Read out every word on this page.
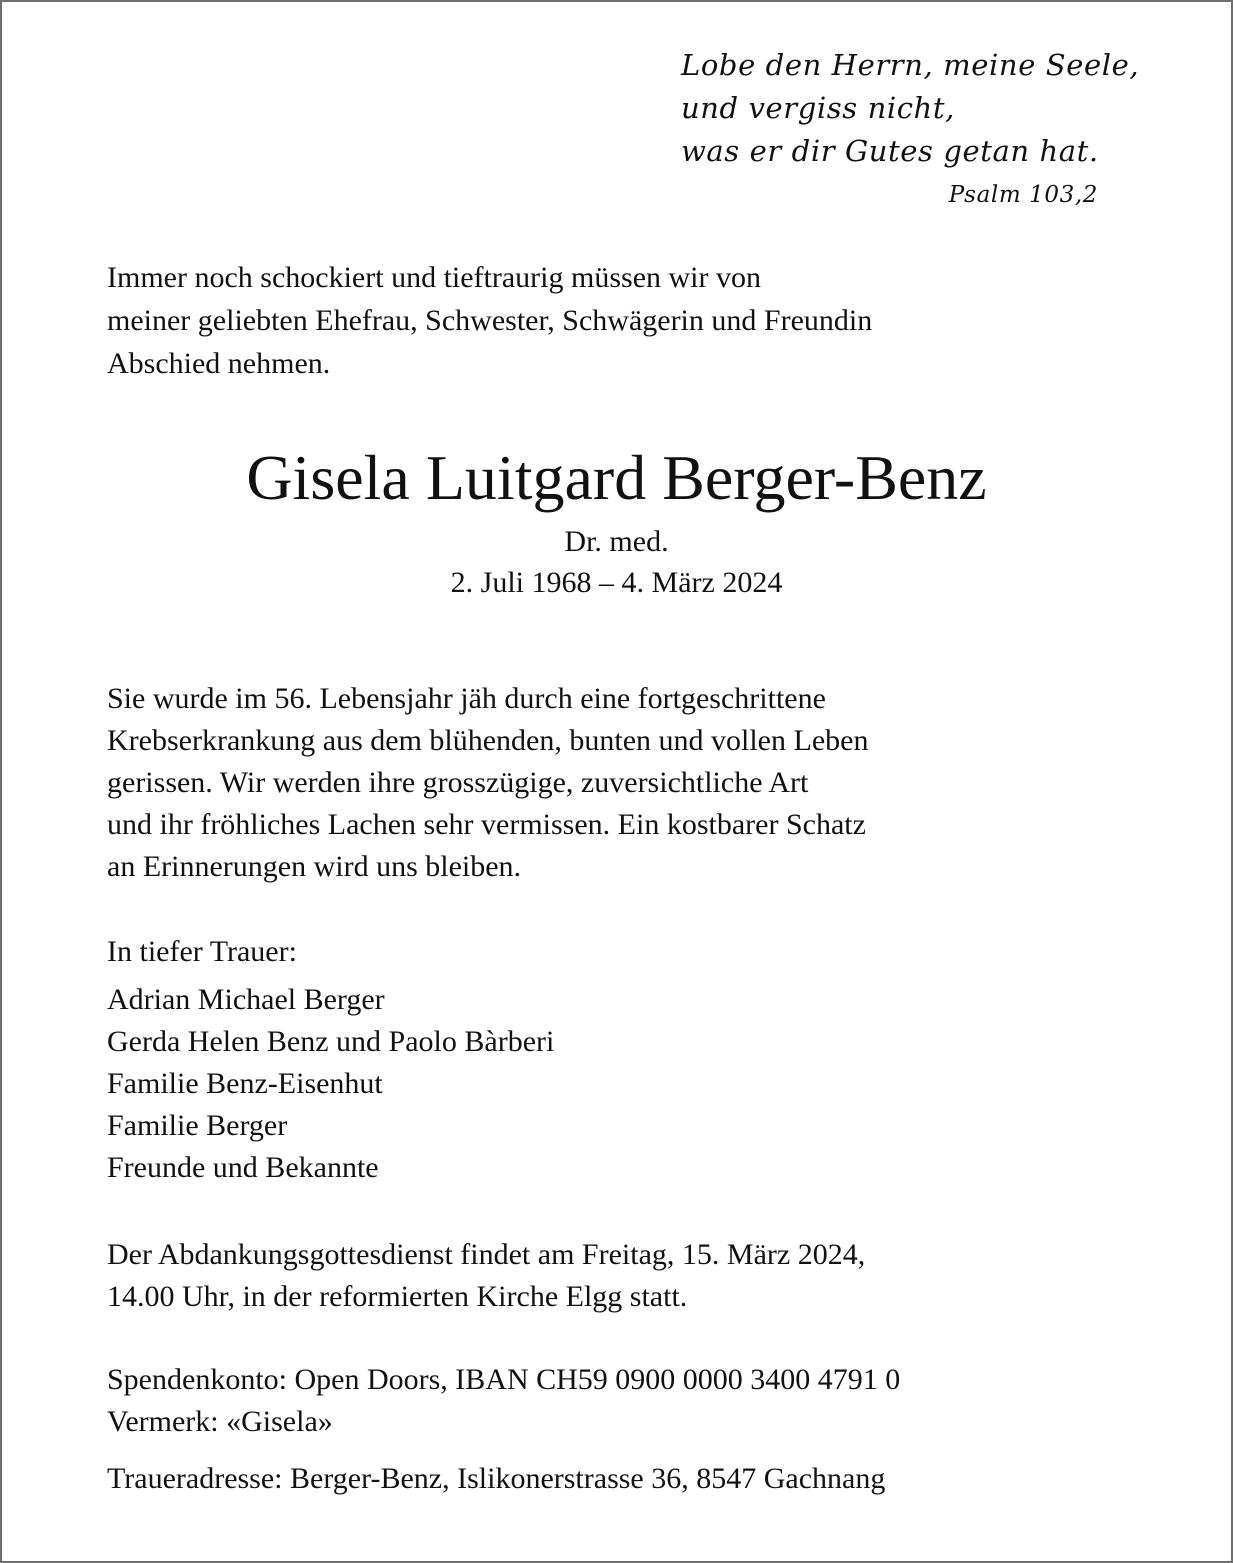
Lobe den Herrn, meine Seele,
und vergiss nicht,
was er dir Gutes getan hat.
Psalm 103,2
Immer noch schockiert und tieftraurig müssen wir von
meiner geliebten Ehefrau, Schwester, Schwägerin und Freundin
Abschied nehmen.
Gisela Luitgard Berger-Benz
Dr. med.
2. Juli 1968 – 4. März 2024
Sie wurde im 56. Lebensjahr jäh durch eine fortgeschrittene
Krebserkrankung aus dem blühenden, bunten und vollen Leben
gerissen. Wir werden ihre grosszügige, zuversichtliche Art
und ihr fröhliches Lachen sehr vermissen. Ein kostbarer Schatz
an Erinnerungen wird uns bleiben.
In tiefer Trauer:
Adrian Michael Berger
Gerda Helen Benz und Paolo Bàrberi
Familie Benz-Eisenhut
Familie Berger
Freunde und Bekannte
Der Abdankungsgottesdienst findet am Freitag, 15. März 2024,
14.00 Uhr, in der reformierten Kirche Elgg statt.
Spendenkonto: Open Doors, IBAN CH59 0900 0000 3400 4791 0
Vermerk: «Gisela»
Traueradresse: Berger-Benz, Islikonerstrasse 36, 8547 Gachnang
